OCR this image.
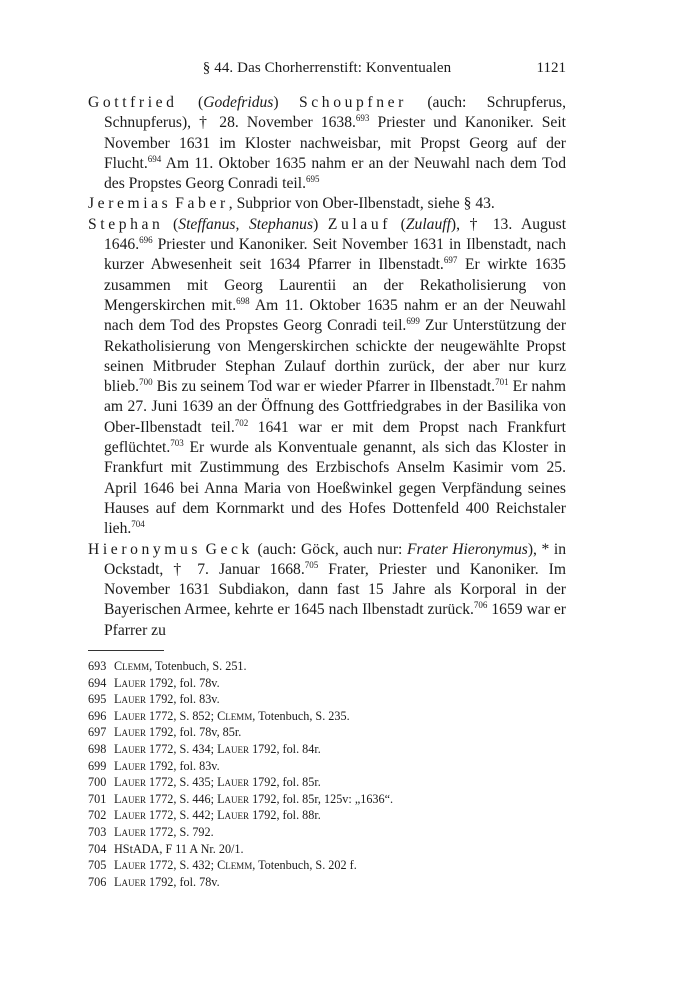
§ 44. Das Chorherrenstift: Konventualen	1121

Gottfried (Godefridus) Schoupfner (auch: Schrupferus, Schnupferus), † 28. November 1638.$^{693}$ Priester und Kanoniker. Seit November 1631 im Kloster nachweisbar, mit Propst Georg auf der Flucht.$^{694}$ Am 11. Oktober 1635 nahm er an der Neuwahl nach dem Tod des Propstes Georg Conradi teil.$^{695}$

Jeremias Faber, Subprior von Ober-Ilbenstadt, siehe § 43.

Stephan (Steffanus, Stephanus) Zulauf (Zulauff), † 13. August 1646.$^{696}$ Priester und Kanoniker. Seit November 1631 in Ilbenstadt, nach kurzer Abwesenheit seit 1634 Pfarrer in Ilbenstadt.$^{697}$ Er wirkte 1635 zusammen mit Georg Laurentii an der Rekatholisierung von Mengerskirchen mit.$^{698}$ Am 11. Oktober 1635 nahm er an der Neuwahl nach dem Tod des Propstes Georg Conradi teil.$^{699}$ Zur Unterstützung der Rekatholisierung von Mengerskirchen schickte der neugewählte Propst seinen Mitbruder Stephan Zulauf dorthin zurück, der aber nur kurz blieb.$^{700}$ Bis zu seinem Tod war er wieder Pfarrer in Ilbenstadt.$^{701}$ Er nahm am 27. Juni 1639 an der Öffnung des Gottfriedgrabes in der Basilika von Ober-Ilbenstadt teil.$^{702}$ 1641 war er mit dem Propst nach Frankfurt geflüchtet.$^{703}$ Er wurde als Konventuale genannt, als sich das Kloster in Frankfurt mit Zustimmung des Erzbischofs Anselm Kasimir vom 25. April 1646 bei Anna Maria von Hoeßwinkel gegen Verpfändung seines Hauses auf dem Kornmarkt und des Hofes Dottenfeld 400 Reichstaler lieh.$^{704}$

Hieronymus Geck (auch: Göck, auch nur: Frater Hieronymus), * in Ockstadt, † 7. Januar 1668.$^{705}$ Frater, Priester und Kanoniker. Im November 1631 Subdiakon, dann fast 15 Jahre als Korporal in der Bayerischen Armee, kehrte er 1645 nach Ilbenstadt zurück.$^{706}$ 1659 war er Pfarrer zu

693 Clemm, Totenbuch, S. 251.
694 Lauer 1792, fol. 78v.
695 Lauer 1792, fol. 83v.
696 Lauer 1772, S. 852; Clemm, Totenbuch, S. 235.
697 Lauer 1792, fol. 78v, 85r.
698 Lauer 1772, S. 434; Lauer 1792, fol. 84r.
699 Lauer 1792, fol. 83v.
700 Lauer 1772, S. 435; Lauer 1792, fol. 85r.
701 Lauer 1772, S. 446; Lauer 1792, fol. 85r, 125v: „1636“.
702 Lauer 1772, S. 442; Lauer 1792, fol. 88r.
703 Lauer 1772, S. 792.
704 HStADA, F 11 A Nr. 20/1.
705 Lauer 1772, S. 432; Clemm, Totenbuch, S. 202 f.
706 Lauer 1792, fol. 78v.
